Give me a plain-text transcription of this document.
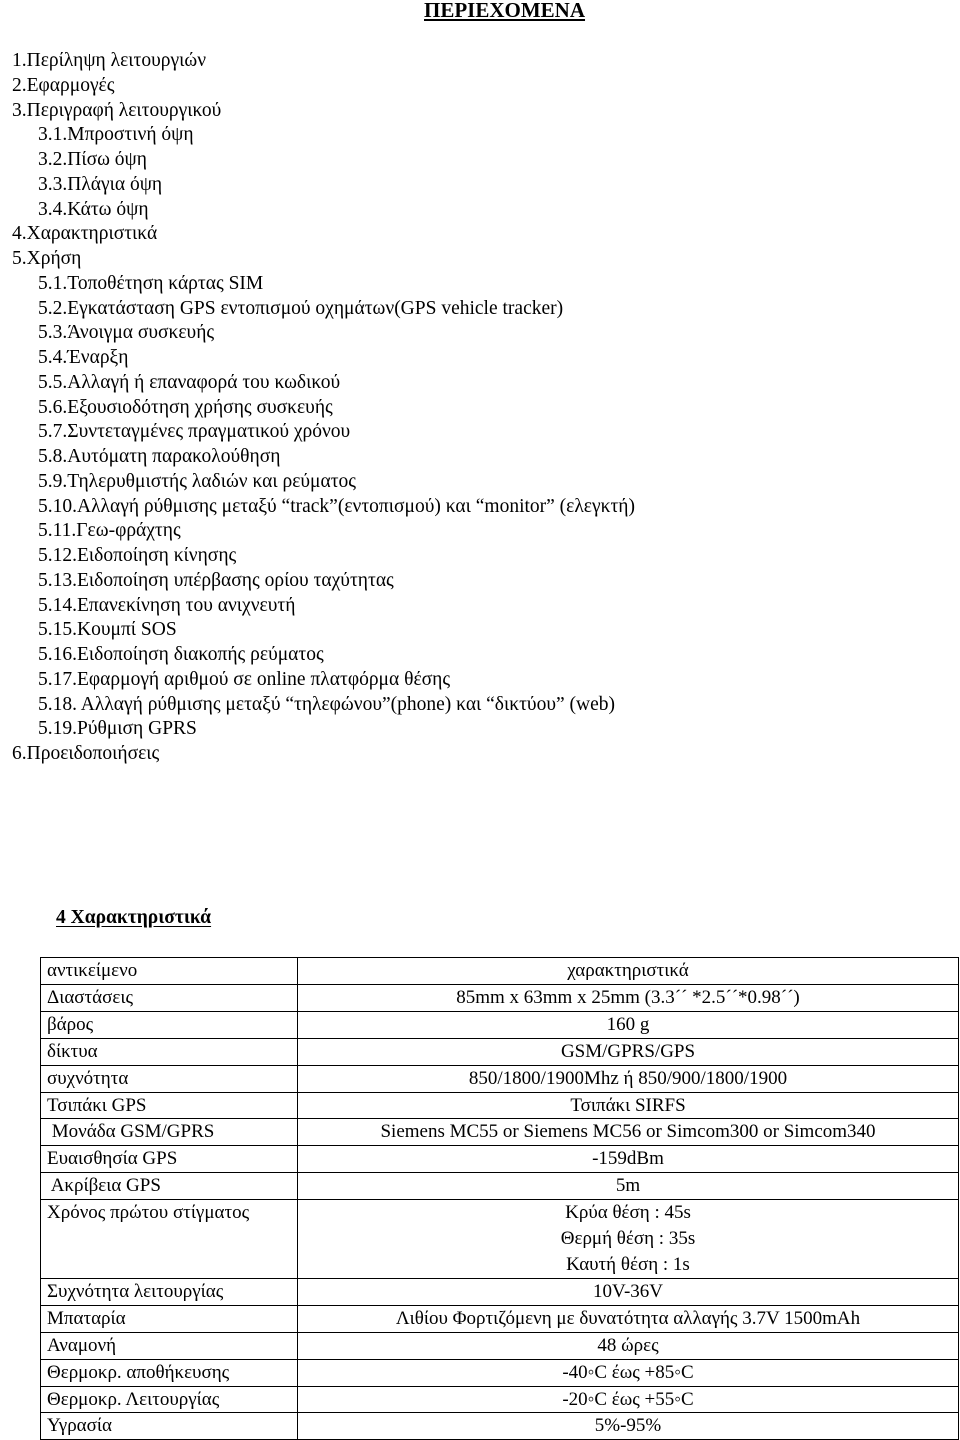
ΠΕΡΙΕΧΟΜΕΝΑ
1.Περίληψη λειτουργιών
2.Εφαρμογές
3.Περιγραφή λειτουργικού
3.1.Μπροστινή όψη
3.2.Πίσω όψη
3.3.Πλάγια όψη
3.4.Κάτω όψη
4.Χαρακτηριστικά
5.Χρήση
5.1.Τοποθέτηση κάρτας SIM
5.2.Εγκατάσταση GPS εντοπισμού οχημάτων(GPS vehicle tracker)
5.3.Άνοιγμα συσκευής
5.4.Έναρξη
5.5.Αλλαγή ή επαναφορά του κωδικού
5.6.Εξουσιοδότηση χρήσης συσκευής
5.7.Συντεταγμένες πραγματικού χρόνου
5.8.Αυτόματη παρακολούθηση
5.9.Τηλερυθμιστής λαδιών και ρεύματος
5.10.Αλλαγή ρύθμισης μεταξύ “track”(εντοπισμού) και “monitor” (ελεγκτή)
5.11.Γεω-φράχτης
5.12.Ειδοποίηση κίνησης
5.13.Ειδοποίηση υπέρβασης ορίου ταχύτητας
5.14.Επανεκίνηση του ανιχνευτή
5.15.Κουμπί SOS
5.16.Ειδοποίηση διακοπής ρεύματος
5.17.Εφαρμογή αριθμού σε online πλατφόρμα θέσης
5.18. Αλλαγή ρύθμισης μεταξύ “τηλεφώνου”(phone) και “δικτύου” (web)
5.19.Ρύθμιση GPRS
6.Προειδοποιήσεις
4 Χαρακτηριστικά
αντικείμενο	χαρακτηριστικά
Διαστάσεις	85mm x 63mm x 25mm (3.3´´ *2.5´´*0.98´´)

βάρος	160 g

δίκτυα	GSM/GPRS/GPS

συχνότητα	850/1800/1900Mhz ή 850/900/1800/1900

Τσιπάκι GPS	Τσιπάκι SIRFS

Μονάδα GSM/GPRS	Siemens MC55 or Siemens MC56 or Simcom300 or Simcom340

Ευαισθησία GPS	-159dBm

Ακρίβεια GPS	5m

Χρόνος πρώτου στίγματος	Κρύα θέση : 45s
Θερμή θέση : 35s
Καυτή θέση : 1s

Συχνότητα λειτουργίας	10V-36V

Μπαταρία	Λιθίου Φορτιζόμενη με δυνατότητα αλλαγής 3.7V 1500mAh

Αναμονή	48 ώρες

Θερμοκρ. αποθήκευσης	-40◦C έως +85◦C

Θερμοκρ. Λειτουργίας	-20◦C έως +55◦C

Υγρασία	5%-95%
